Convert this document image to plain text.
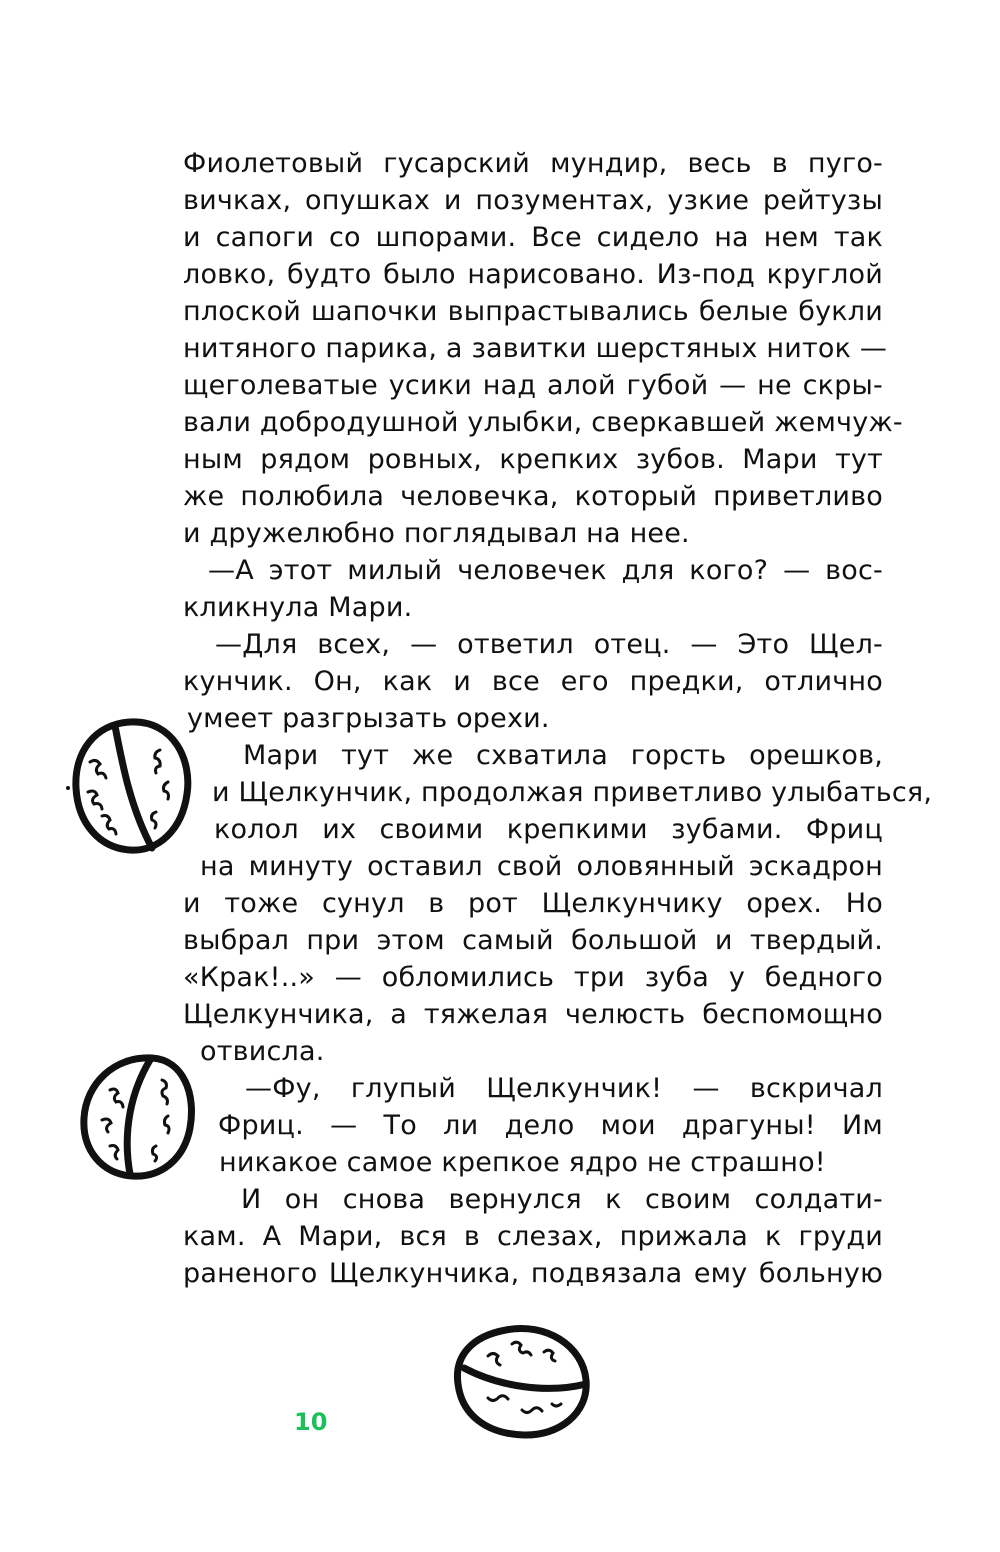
Фиолетовый гусарский мундир, весь в пуго-
вичках, опушках и позументах, узкие рейтузы
и сапоги со шпорами. Все сидело на нем так
ловко, будто было нарисовано. Из-под круглой
плоской шапочки выпрастывались белые букли
нитяного парика, а завитки шерстяных ниток —
щеголеватые усики над алой губой — не скры-
вали добродушной улыбки, сверкавшей жемчуж-
ным рядом ровных, крепких зубов. Мари тут
же полюбила человечка, который приветливо
и дружелюбно поглядывал на нее.
—А этот милый человечек для кого? — вос-
кликнула Мари.
—Для всех, — ответил отец. — Это Щел-
кунчик. Он, как и все его предки, отлично
умеет разгрызать орехи.
Мари тут же схватила горсть орешков,
и Щелкунчик, продолжая приветливо улыбаться,
колол их своими крепкими зубами. Фриц
на минуту оставил свой оловянный эскадрон
и тоже сунул в рот Щелкунчику орех. Но
выбрал при этом самый большой и твердый.
«Крак!..» — обломились три зуба у бедного
Щелкунчика, а тяжелая челюсть беспомощно
отвисла.
—Фу, глупый Щелкунчик! — вскричал
Фриц. — То ли дело мои драгуны! Им
никакое самое крепкое ядро не страшно!
И он снова вернулся к своим солдати-
кам. А Мари, вся в слезах, прижала к груди
раненого Щелкунчика, подвязала ему больную
10
